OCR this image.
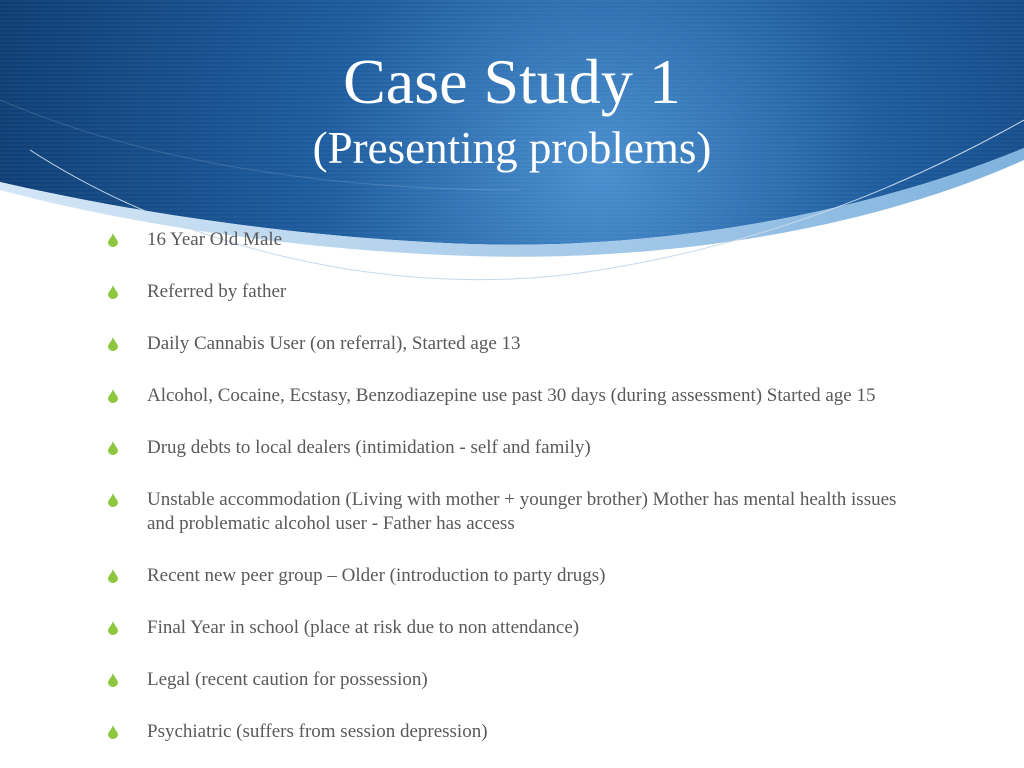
Case Study 1
(Presenting problems)
16 Year Old Male
Referred by father
Daily Cannabis User (on referral), Started age 13
Alcohol, Cocaine, Ecstasy, Benzodiazepine use past 30 days (during assessment) Started age 15
Drug debts to local dealers (intimidation - self and family)
Unstable accommodation (Living with mother + younger brother) Mother has mental health issues and problematic alcohol user - Father has access
Recent new peer group – Older (introduction to party drugs)
Final Year in school (place at risk due to non attendance)
Legal (recent caution for possession)
Psychiatric (suffers from session depression)
